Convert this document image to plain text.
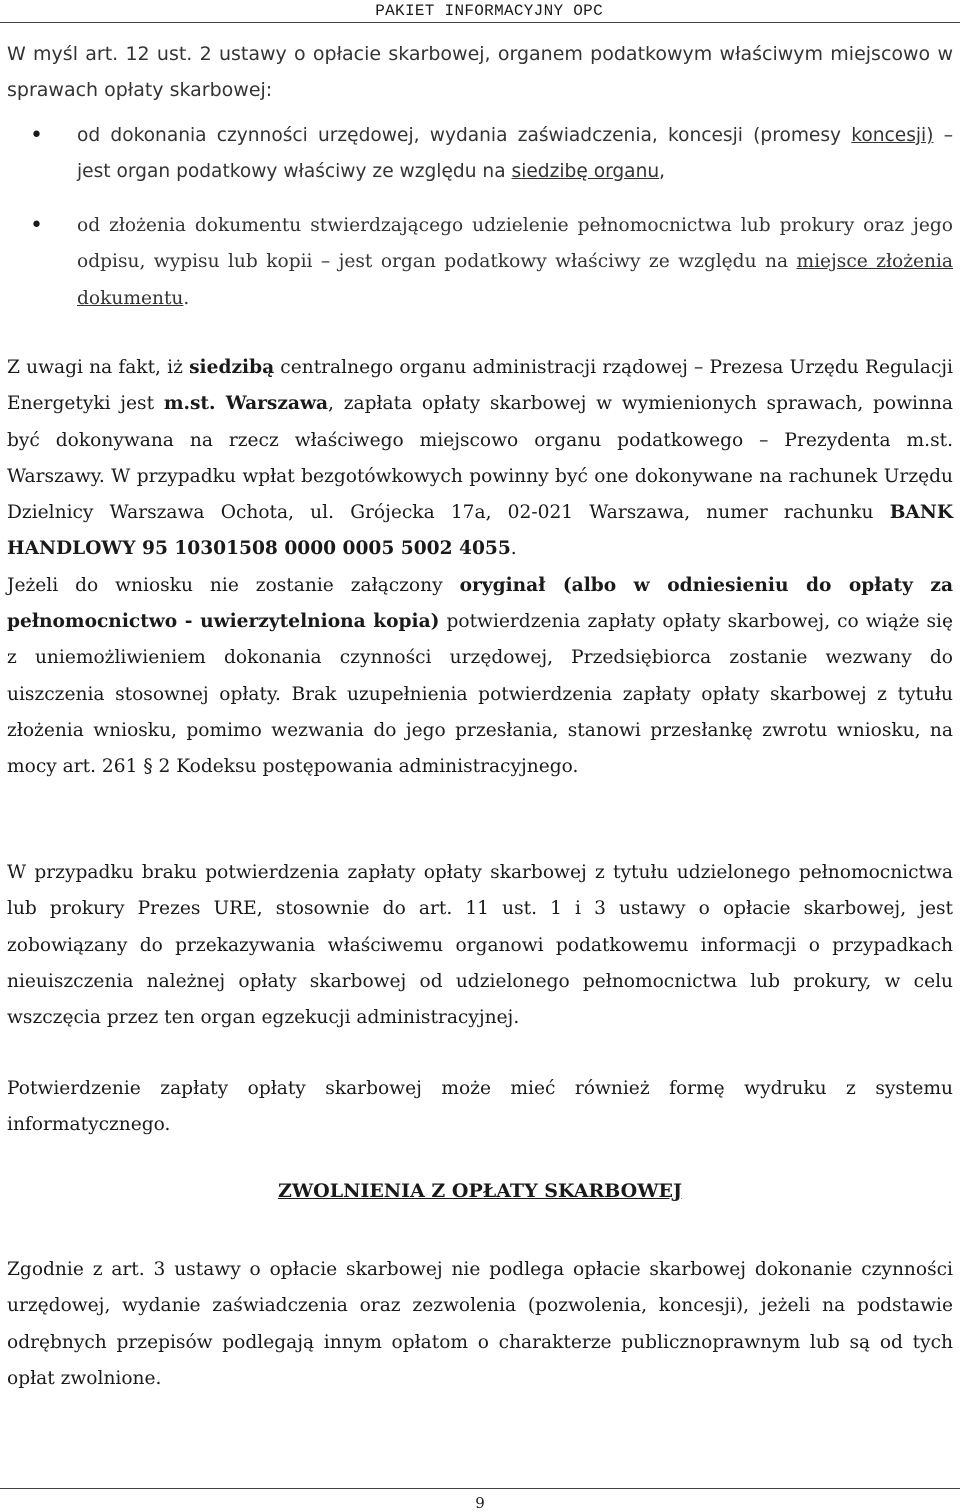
PAKIET INFORMACYJNY OPC

W myśl art. 12 ust. 2 ustawy o opłacie skarbowej, organem podatkowym właściwym miejscowo w sprawach opłaty skarbowej:

• od dokonania czynności urzędowej, wydania zaświadczenia, koncesji (promesy koncesji) – jest organ podatkowy właściwy ze względu na siedzibę organu,

• od złożenia dokumentu stwierdzającego udzielenie pełnomocnictwa lub prokury oraz jego odpisu, wypisu lub kopii – jest organ podatkowy właściwy ze względu na miejsce złożenia dokumentu.

Z uwagi na fakt, iż siedzibą centralnego organu administracji rządowej – Prezesa Urzędu Regulacji Energetyki jest m.st. Warszawa, zapłata opłaty skarbowej w wymienionych sprawach, powinna być dokonywana na rzecz właściwego miejscowo organu podatkowego – Prezydenta m.st. Warszawy. W przypadku wpłat bezgotówkowych powinny być one dokonywane na rachunek Urzędu Dzielnicy Warszawa Ochota, ul. Grójecka 17a, 02-021 Warszawa, numer rachunku BANK HANDLOWY 95 10301508 0000 0005 5002 4055.
Jeżeli do wniosku nie zostanie załączony oryginał (albo w odniesieniu do opłaty za pełnomocnictwo - uwierzytelniona kopia) potwierdzenia zapłaty opłaty skarbowej, co wiąże się z uniemożliwieniem dokonania czynności urzędowej, Przedsiębiorca zostanie wezwany do uiszczenia stosownej opłaty. Brak uzupełnienia potwierdzenia zapłaty opłaty skarbowej z tytułu złożenia wniosku, pomimo wezwania do jego przesłania, stanowi przesłankę zwrotu wniosku, na mocy art. 261 § 2 Kodeksu postępowania administracyjnego.

W przypadku braku potwierdzenia zapłaty opłaty skarbowej z tytułu udzielonego pełnomocnictwa lub prokury Prezes URE, stosownie do art. 11 ust. 1 i 3 ustawy o opłacie skarbowej, jest zobowiązany do przekazywania właściwemu organowi podatkowemu informacji o przypadkach nieuiszczenia należnej opłaty skarbowej od udzielonego pełnomocnictwa lub prokury, w celu wszczęcia przez ten organ egzekucji administracyjnej.

Potwierdzenie zapłaty opłaty skarbowej może mieć również formę wydruku z systemu informatycznego.

ZWOLNIENIA Z OPŁATY SKARBOWEJ

Zgodnie z art. 3 ustawy o opłacie skarbowej nie podlega opłacie skarbowej dokonanie czynności urzędowej, wydanie zaświadczenia oraz zezwolenia (pozwolenia, koncesji), jeżeli na podstawie odrębnych przepisów podlegają innym opłatom o charakterze publicznoprawnym lub są od tych opłat zwolnione.

9
